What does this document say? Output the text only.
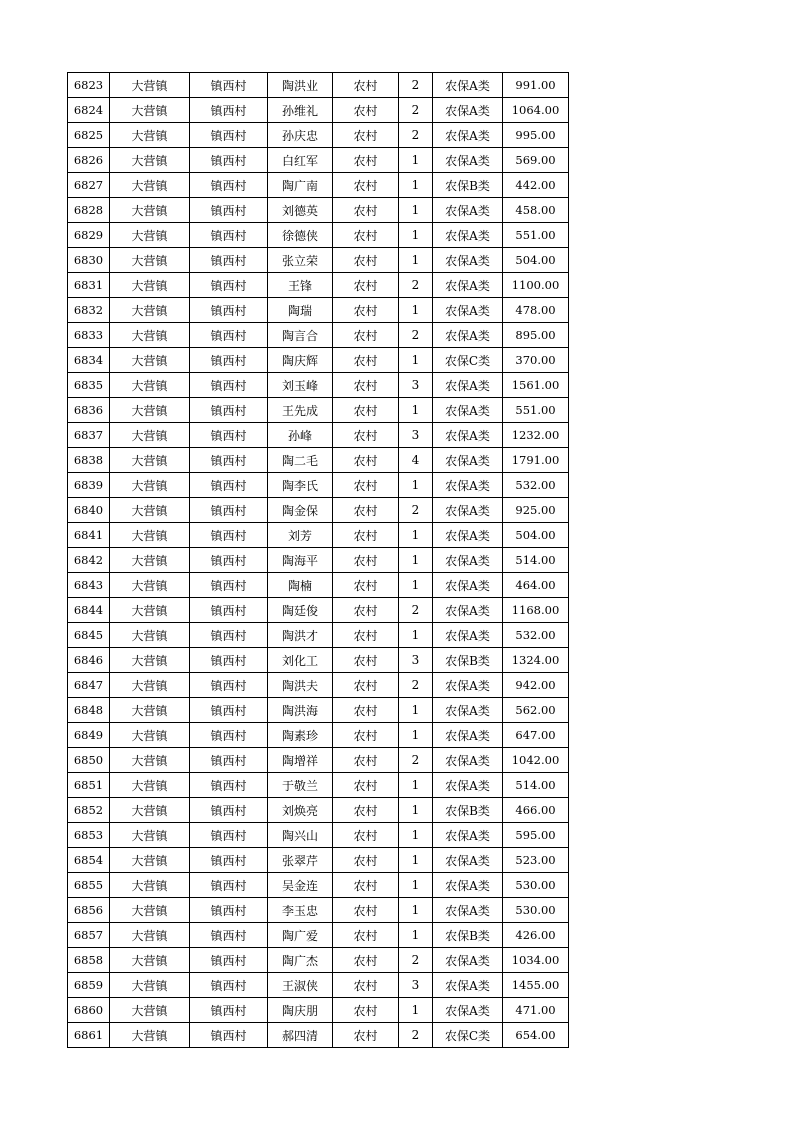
6823	大营镇	镇西村	陶洪业	农村	2	农保A类	991.00
6824	大营镇	镇西村	孙维礼	农村	2	农保A类	1064.00
6825	大营镇	镇西村	孙庆忠	农村	2	农保A类	995.00
6826	大营镇	镇西村	白红军	农村	1	农保A类	569.00
6827	大营镇	镇西村	陶广南	农村	1	农保B类	442.00
6828	大营镇	镇西村	刘德英	农村	1	农保A类	458.00
6829	大营镇	镇西村	徐德侠	农村	1	农保A类	551.00
6830	大营镇	镇西村	张立荣	农村	1	农保A类	504.00
6831	大营镇	镇西村	王锋	农村	2	农保A类	1100.00
6832	大营镇	镇西村	陶瑞	农村	1	农保A类	478.00
6833	大营镇	镇西村	陶言合	农村	2	农保A类	895.00
6834	大营镇	镇西村	陶庆辉	农村	1	农保C类	370.00
6835	大营镇	镇西村	刘玉峰	农村	3	农保A类	1561.00
6836	大营镇	镇西村	王先成	农村	1	农保A类	551.00
6837	大营镇	镇西村	孙峰	农村	3	农保A类	1232.00
6838	大营镇	镇西村	陶二毛	农村	4	农保A类	1791.00
6839	大营镇	镇西村	陶李氏	农村	1	农保A类	532.00
6840	大营镇	镇西村	陶金保	农村	2	农保A类	925.00
6841	大营镇	镇西村	刘芳	农村	1	农保A类	504.00
6842	大营镇	镇西村	陶海平	农村	1	农保A类	514.00
6843	大营镇	镇西村	陶楠	农村	1	农保A类	464.00
6844	大营镇	镇西村	陶廷俊	农村	2	农保A类	1168.00
6845	大营镇	镇西村	陶洪才	农村	1	农保A类	532.00
6846	大营镇	镇西村	刘化工	农村	3	农保B类	1324.00
6847	大营镇	镇西村	陶洪夫	农村	2	农保A类	942.00
6848	大营镇	镇西村	陶洪海	农村	1	农保A类	562.00
6849	大营镇	镇西村	陶素珍	农村	1	农保A类	647.00
6850	大营镇	镇西村	陶增祥	农村	2	农保A类	1042.00
6851	大营镇	镇西村	于敬兰	农村	1	农保A类	514.00
6852	大营镇	镇西村	刘焕亮	农村	1	农保B类	466.00
6853	大营镇	镇西村	陶兴山	农村	1	农保A类	595.00
6854	大营镇	镇西村	张翠芹	农村	1	农保A类	523.00
6855	大营镇	镇西村	吴金连	农村	1	农保A类	530.00
6856	大营镇	镇西村	李玉忠	农村	1	农保A类	530.00
6857	大营镇	镇西村	陶广爱	农村	1	农保B类	426.00
6858	大营镇	镇西村	陶广杰	农村	2	农保A类	1034.00
6859	大营镇	镇西村	王淑侠	农村	3	农保A类	1455.00
6860	大营镇	镇西村	陶庆朋	农村	1	农保A类	471.00
6861	大营镇	镇西村	郝四清	农村	2	农保C类	654.00
